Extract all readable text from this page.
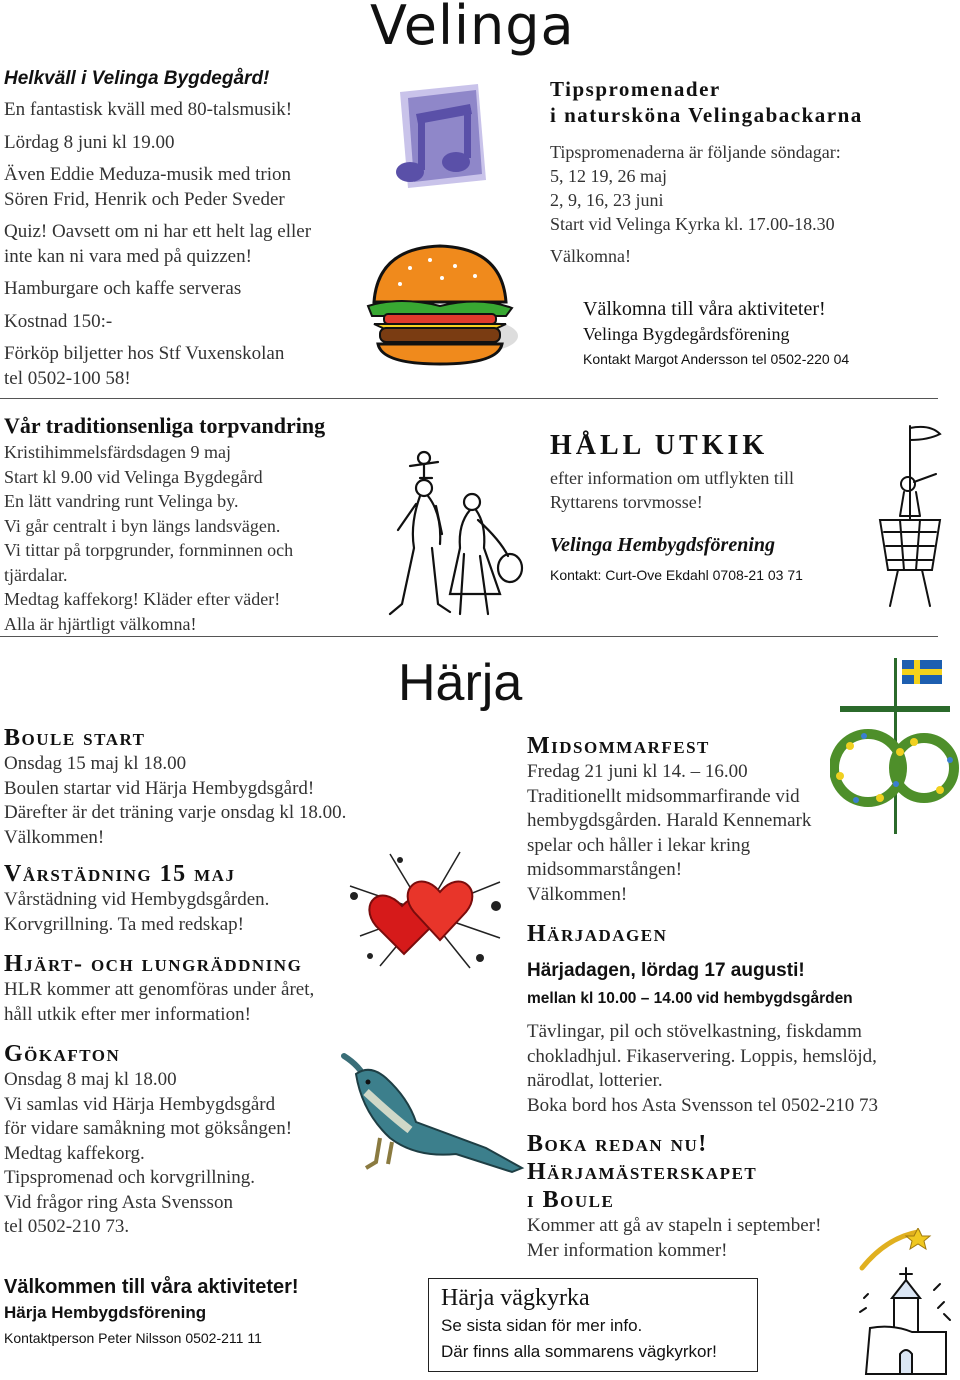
Velinga
Helkväll i Velinga Bygdegård!
En fantastisk kväll med 80-talsmusik!
Lördag 8 juni kl 19.00
Även Eddie Meduza-musik med trion
Sören Frid, Henrik och Peder Sveder
Quiz! Oavsett om ni har ett helt lag eller
inte kan ni vara med på quizzen!
Hamburgare och kaffe serveras
Kostnad 150:-
Förköp biljetter hos Stf Vuxenskolan
tel 0502-100 58!
Tipspromenader
i natursköna Velingabackarna
Tipspromenaderna är följande söndagar:
5, 12 19, 26 maj
2, 9, 16, 23 juni
Start vid Velinga Kyrka kl. 17.00-18.30
Välkomna!
Välkomna till våra aktiviteter!
Velinga Bygdegårdsförening
Kontakt Margot Andersson tel 0502-220 04
Vår traditionsenliga torpvandring
Kristihimmelsfärdsdagen 9 maj
Start kl 9.00 vid Velinga Bygdegård
En lätt vandring runt Velinga by.
Vi går centralt i byn längs landsvägen.
Vi tittar på torpgrunder, fornminnen och
tjärdalar.
Medtag kaffekorg! Kläder efter väder!
Alla är hjärtligt välkomna!
HÅLL UTKIK
efter information om utflykten till
Ryttarens torvmosse!
Velinga Hembygdsförening
Kontakt: Curt-Ove Ekdahl 0708-21 03 71
Härja
Boule start
Onsdag 15 maj kl 18.00
Boulen startar vid Härja Hembygdsgård!
Därefter är det träning varje onsdag kl 18.00.
Välkommen!
Vårstädning 15 maj
Vårstädning vid Hembygdsgården.
Korvgrillning. Ta med redskap!
Hjärt- och lungräddning
HLR kommer att genomföras under året,
håll utkik efter mer information!
Gökafton
Onsdag 8 maj kl 18.00
Vi samlas vid Härja Hembygdsgård
för vidare samåkning mot göksången!
Medtag kaffekorg.
Tipspromenad och korvgrillning.
Vid frågor ring Asta Svensson
tel 0502-210 73.
Välkommen till våra aktiviteter!
Härja Hembygdsförening
Kontaktperson Peter Nilsson 0502-211 11
Midsommarfest
Fredag 21 juni kl 14. – 16.00
Traditionellt midsommarfirande vid
hembygdsgården. Harald Kennemark
spelar och håller i lekar kring
midsommarstången!
Välkommen!
Härjadagen
Härjadagen, lördag 17 augusti!
mellan kl 10.00 – 14.00 vid hembygdsgården
Tävlingar, pil och stövelkastning, fiskdamm
chokladhjul. Fikaservering. Loppis, hemslöjd,
närodlat, lotterier.
Boka bord hos Asta Svensson tel 0502-210 73
Boka redan nu!
Härjamästerskapet
i Boule
Kommer att gå av stapeln i september!
Mer information kommer!
Härja vägkyrka
Se sista sidan för mer info.
Där finns alla sommarens vägkyrkor!
